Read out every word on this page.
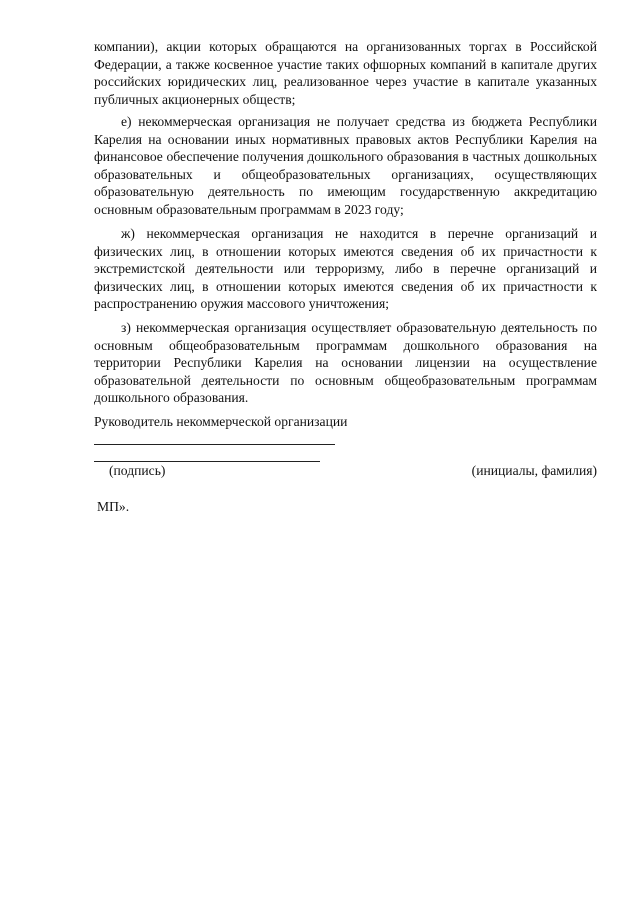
компании), акции которых обращаются на организованных торгах в Российской Федерации, а также косвенное участие таких офшорных компаний в капитале других российских юридических лиц, реализованное через участие в капитале указанных публичных акционерных обществ;

е) некоммерческая организация не получает средства из бюджета Республики Карелия на основании иных нормативных правовых актов Республики Карелия на финансовое обеспечение получения дошкольного образования в частных дошкольных образовательных и общеобразовательных организациях, осуществляющих образовательную деятельность по имеющим государственную аккредитацию основным образовательным программам в 2023 году;

ж) некоммерческая организация не находится в перечне организаций и физических лиц, в отношении которых имеются сведения об их причастности к экстремистской деятельности или терроризму, либо в перечне организаций и физических лиц, в отношении которых имеются сведения об их причастности к распространению оружия массового уничтожения;

з) некоммерческая организация осуществляет образовательную деятельность по основным общеобразовательным программам дошкольного образования на территории Республики Карелия на основании лицензии на осуществление образовательной деятельности по основным общеобразовательным программам дошкольного образования.

Руководитель некоммерческой организации

(подпись)	(инициалы, фамилия)

МП».
